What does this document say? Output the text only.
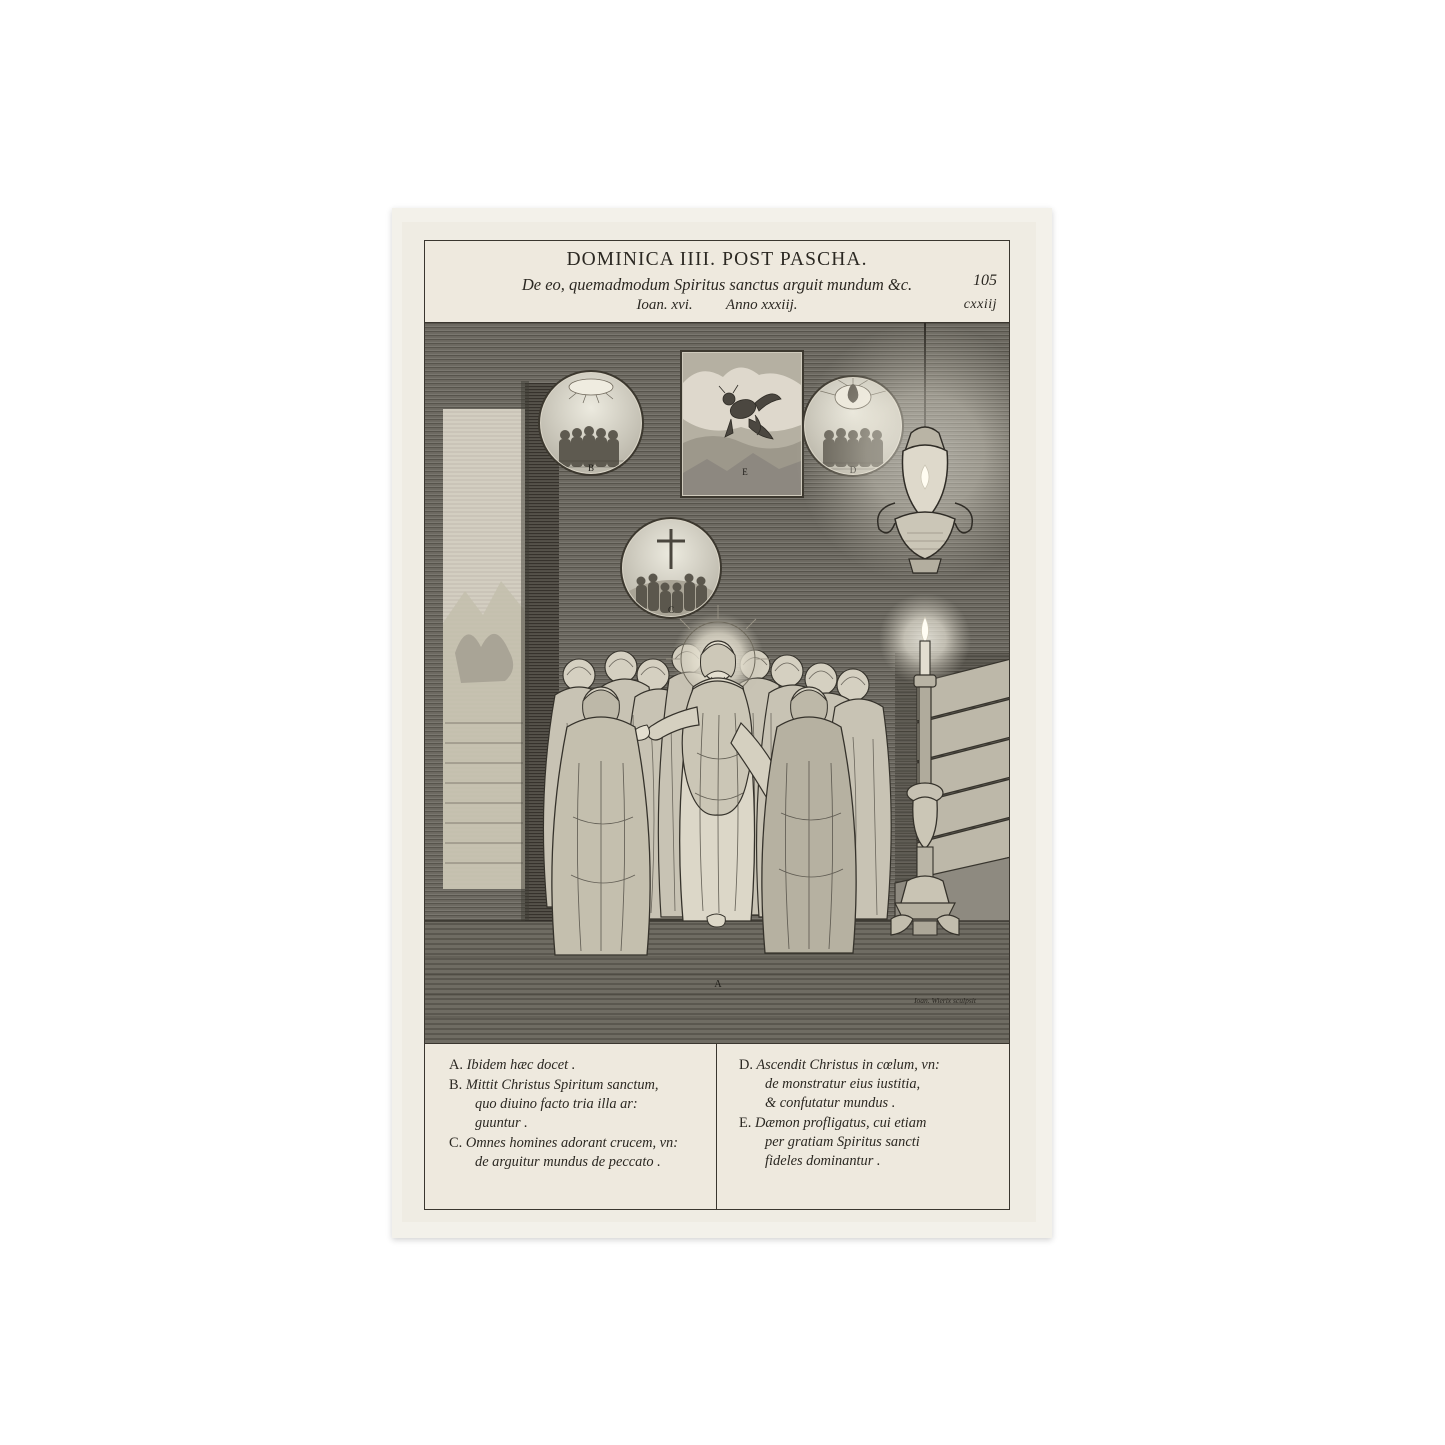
DOMINICA IIII. POST PASCHA.
De eo, quemadmodum Spiritus sanctus arguit mundum &c.
Ioan. xvi. Anno xxxiij.
105
cxxiij
B	E	D
C
A
Ioan. Wierix sculpsit
A. Ibidem hæc docet .
B. Mittit Christus Spiritum sanctum,
quo diuino facto tria illa ar:
guuntur .
C. Omnes homines adorant crucem, vn:
de arguitur mundus de peccato .
D. Ascendit Christus in cœlum, vn:
de monstratur eius iustitia,
& confutatur mundus .
E. Dæmon profligatus, cui etiam
per gratiam Spiritus sancti
fideles dominantur .
